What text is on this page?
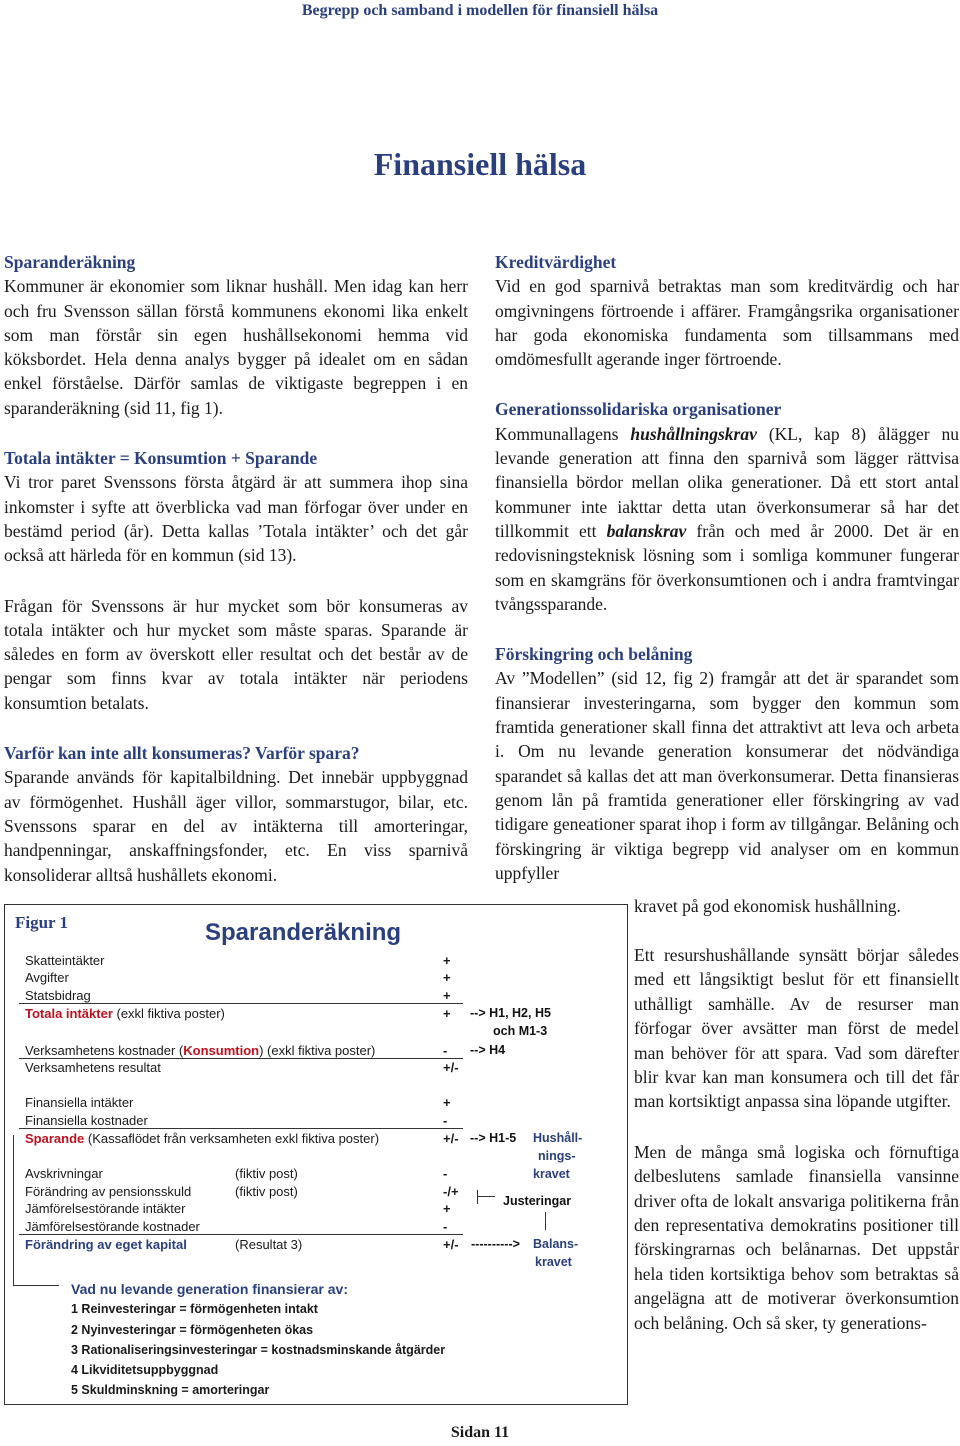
Begrepp och samband i modellen för finansiell hälsa
Finansiell hälsa

Sparanderäkning
Kommuner är ekonomier som liknar hushåll. Men idag kan herr och fru Svensson sällan förstå kommunens ekonomi lika enkelt som man förstår sin egen hushållsekonomi hemma vid köksbordet. Hela denna analys bygger på idealet om en sådan enkel förståelse. Därför samlas de viktigaste begreppen i en sparanderäkning (sid 11, fig 1).

Totala intäkter = Konsumtion + Sparande
Vi tror paret Svenssons första åtgärd är att summera ihop sina inkomster i syfte att överblicka vad man förfogar över under en bestämd period (år). Detta kallas ’Totala intäkter’ och det går också att härleda för en kommun (sid 13).

Frågan för Svenssons är hur mycket som bör konsumeras av totala intäkter och hur mycket som måste sparas. Sparande är således en form av överskott eller resultat och det består av de pengar som finns kvar av totala intäkter när periodens konsumtion betalats.

Varför kan inte allt konsumeras? Varför spara?
Sparande används för kapitalbildning. Det innebär uppbyggnad av förmögenhet. Hushåll äger villor, sommarstugor, bilar, etc. Svenssons sparar en del av intäkterna till amorteringar, handpenningar, anskaffningsfonder, etc. En viss sparnivå konsoliderar alltså hushållets ekonomi.

Kreditvärdighet
Vid en god sparnivå betraktas man som kreditvärdig och har omgivningens förtroende i affärer. Framgångsrika organisationer har goda ekonomiska fundamenta som tillsammans med omdömesfullt agerande inger förtroende.

Generationssolidariska organisationer
Kommunallagens hushållningskrav (KL, kap 8) ålägger nu levande generation att finna den sparnivå som lägger rättvisa finansiella bördor mellan olika generationer. Då ett stort antal kommuner inte iakttar detta utan överkonsumerar så har det tillkommit ett balanskrav från och med år 2000. Det är en redovisningsteknisk lösning som i somliga kommuner fungerar som en skamgräns för överkonsumtionen och i andra framtvingar tvångssparande.

Förskingring och belåning
Av ”Modellen” (sid 12, fig 2) framgår att det är sparandet som finansierar investeringarna, som bygger den kommun som framtida generationer skall finna det attraktivt att leva och arbeta i. Om nu levande generation konsumerar det nödvändiga sparandet så kallas det att man överkonsumerar. Detta finansieras genom lån på framtida generationer eller förskingring av vad tidigare geneationer sparat ihop i form av tillgångar. Belåning och förskingring är viktiga begrepp vid analyser om en kommun uppfyller

kravet på god ekonomisk hushållning.

Ett resurshushållande synsätt börjar således med ett långsiktigt beslut för ett finansiellt uthålligt samhälle. Av de resurser man förfogar över avsätter man först de medel man behöver för att spara. Vad som därefter blir kvar kan man konsumera och till det får man kortsiktigt anpassa sina löpande utgifter.

Men de många små logiska och förnuftiga delbeslutens samlade finansiella vansinne driver ofta de lokalt ansvariga politikerna från den representativa demokratins positioner till förskingrarnas och belånarnas. Det uppstår hela tiden kortsiktiga behov som betraktas så angelägna att de motiverar överkonsumtion och belåning. Och så sker, ty generations-

Figur 1	Sparanderäkning
Skatteintäkter	+
Avgifter	+
Statsbidrag	+
Totala intäkter (exkl fiktiva poster)	+ --> H1, H2, H5
och M1-3
Verksamhetens kostnader (Konsumtion) (exkl fiktiva poster)	- --> H4
Verksamhetens resultat	+/-
Finansiella intäkter	+
Finansiella kostnader	-
Sparande (Kassaflödet från verksamheten exkl fiktiva poster)	+/- --> H1-5 Hushåll-
nings-
kravet
Avskrivningar	(fiktiv post)	-
Förändring av pensionsskuld	(fiktiv post)	-/+
Jämförelsestörande intäkter	+
Jämförelsestörande kostnader	-
Justeringar
Förändring av eget kapital	(Resultat 3)	+/- ----------> Balans-
kravet
Vad nu levande generation finansierar av:
1 Reinvesteringar = förmögenheten intakt
2 Nyinvesteringar = förmögenheten ökas
3 Rationaliseringsinvesteringar = kostnadsminskande åtgärder
4 Likviditetsuppbyggnad
5 Skuldminskning = amorteringar
Sidan 11
